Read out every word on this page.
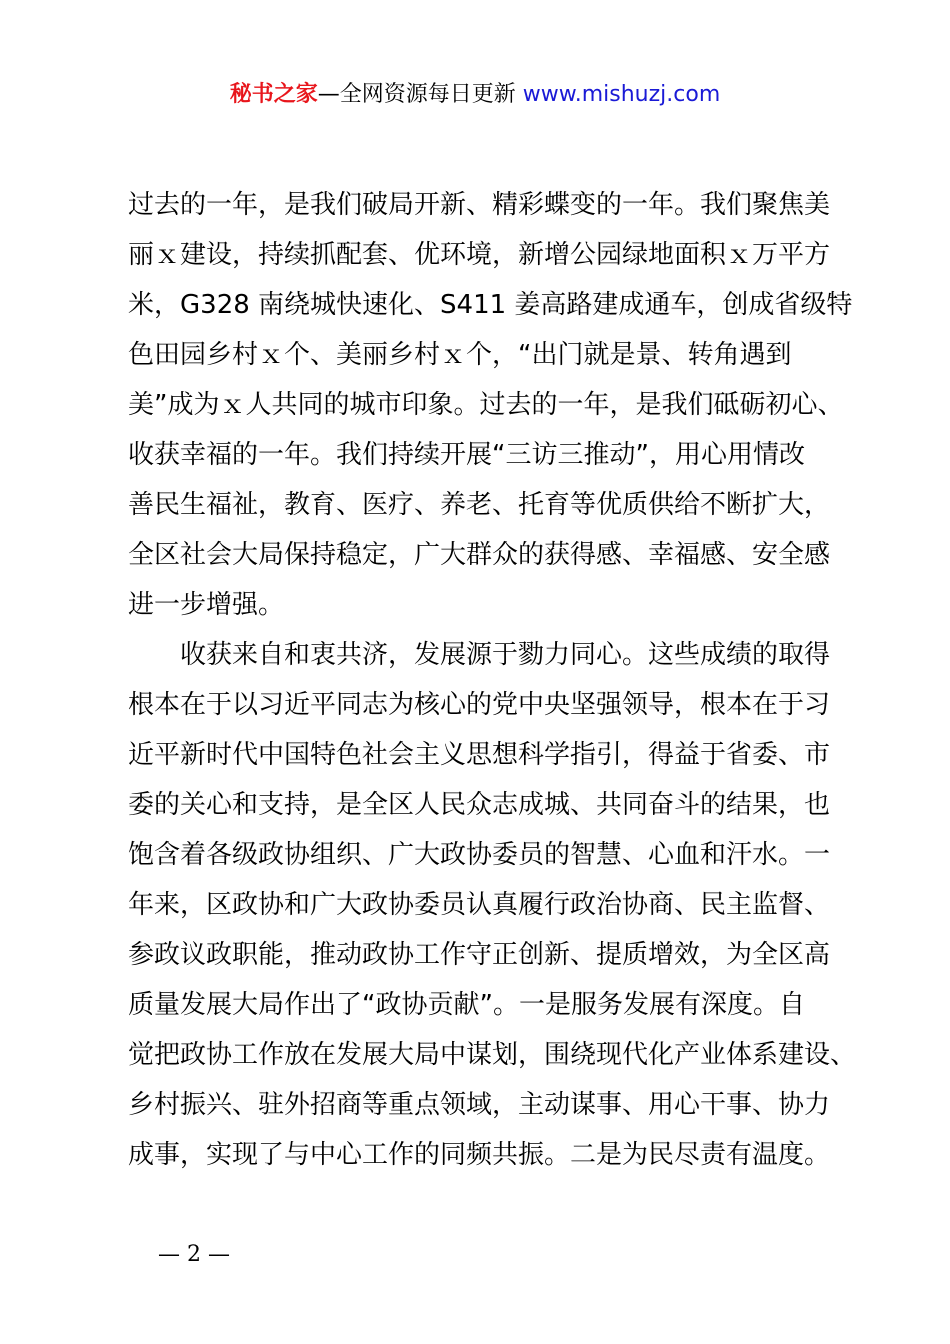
秘书之家—全网资源每日更新 www.mishuzj.com
过去的一年，是我们破局开新、精彩蝶变的一年。我们聚焦美
丽ｘ建设，持续抓配套、优环境，新增公园绿地面积ｘ万平方
米，G328 南绕城快速化、S411 姜高路建成通车，创成省级特
色田园乡村ｘ个、美丽乡村ｘ个，“出门就是景、转角遇到
美”成为ｘ人共同的城市印象。过去的一年，是我们砥砺初心、
收获幸福的一年。我们持续开展“三访三推动”，用心用情改
善民生福祉，教育、医疗、养老、托育等优质供给不断扩大，
全区社会大局保持稳定，广大群众的获得感、幸福感、安全感
进一步增强。
　　收获来自和衷共济，发展源于勠力同心。这些成绩的取得
根本在于以习近平同志为核心的党中央坚强领导，根本在于习
近平新时代中国特色社会主义思想科学指引，得益于省委、市
委的关心和支持，是全区人民众志成城、共同奋斗的结果，也
饱含着各级政协组织、广大政协委员的智慧、心血和汗水。一
年来，区政协和广大政协委员认真履行政治协商、民主监督、
参政议政职能，推动政协工作守正创新、提质增效，为全区高
质量发展大局作出了“政协贡献”。一是服务发展有深度。自
觉把政协工作放在发展大局中谋划，围绕现代化产业体系建设、
乡村振兴、驻外招商等重点领域，主动谋事、用心干事、协力
成事，实现了与中心工作的同频共振。二是为民尽责有温度。
— 2 —
